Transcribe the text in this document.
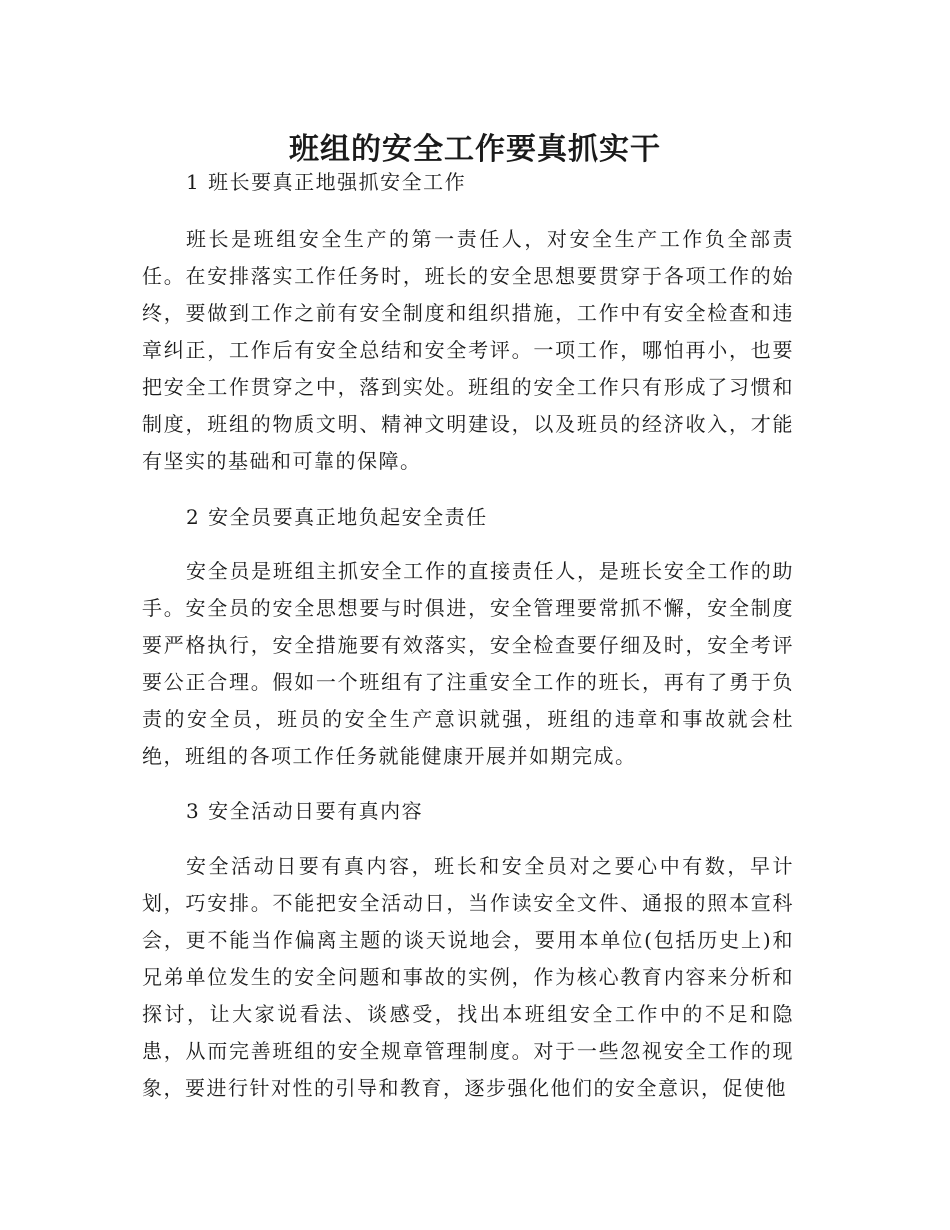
班组的安全工作要真抓实干

1 班长要真正地强抓安全工作

班长是班组安全生产的第一责任人，对安全生产工作负全部责任。在安排落实工作任务时，班长的安全思想要贯穿于各项工作的始终，要做到工作之前有安全制度和组织措施，工作中有安全检查和违章纠正，工作后有安全总结和安全考评。一项工作，哪怕再小，也要把安全工作贯穿之中，落到实处。班组的安全工作只有形成了习惯和制度，班组的物质文明、精神文明建设，以及班员的经济收入，才能有坚实的基础和可靠的保障。

2 安全员要真正地负起安全责任

安全员是班组主抓安全工作的直接责任人，是班长安全工作的助手。安全员的安全思想要与时俱进，安全管理要常抓不懈，安全制度要严格执行，安全措施要有效落实，安全检查要仔细及时，安全考评要公正合理。假如一个班组有了注重安全工作的班长，再有了勇于负责的安全员，班员的安全生产意识就强，班组的违章和事故就会杜绝，班组的各项工作任务就能健康开展并如期完成。

3 安全活动日要有真内容

安全活动日要有真内容，班长和安全员对之要心中有数，早计划，巧安排。不能把安全活动日，当作读安全文件、通报的照本宣科会，更不能当作偏离主题的谈天说地会，要用本单位(包括历史上)和兄弟单位发生的安全问题和事故的实例，作为核心教育内容来分析和探讨，让大家说看法、谈感受，找出本班组安全工作中的不足和隐患，从而完善班组的安全规章管理制度。对于一些忽视安全工作的现象，要进行针对性的引导和教育，逐步强化他们的安全意识，促使他
